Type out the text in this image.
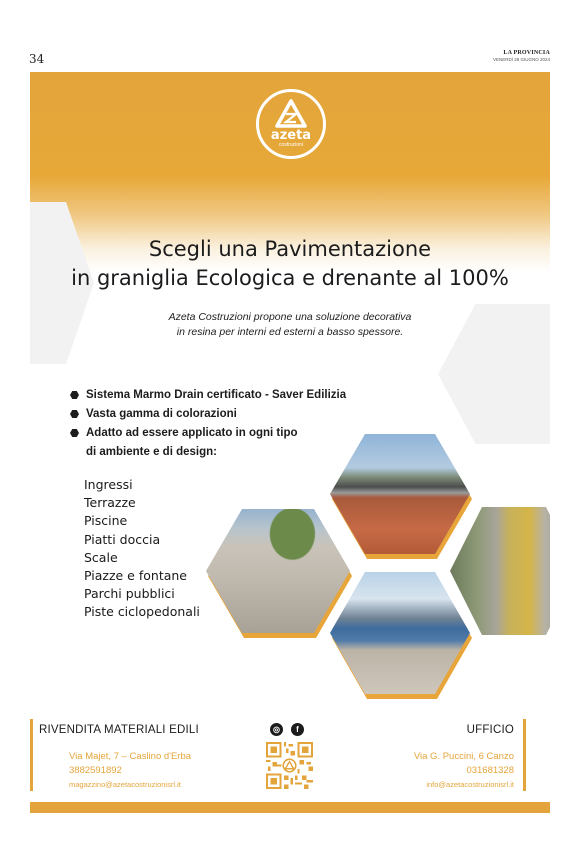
34	LA PROVINCIA
VENERDÌ 28 GIUGNO 2024
azeta
costruzioni
Scegli una Pavimentazione
in graniglia Ecologica e drenante al 100%
Azeta Costruzioni propone una soluzione decorativa
in resina per interni ed esterni a basso spessore.
Sistema Marmo Drain certificato - Saver Edilizia
Vasta gamma di colorazioni
Adatto ad essere applicato in ogni tipo
di ambiente e di design:
Ingressi
Terrazze
Piscine
Piatti doccia
Scale
Piazze e fontane
Parchi pubblici
Piste ciclopedonali
RIVENDITA MATERIALI EDILI
Via Majet, 7 – Caslino d'Erba
3882591892
magazzino@azetacostruzionisrl.it
◎	f	UFFICIO
Via G. Puccini, 6 Canzo
031681328
info@azetacostruzionisrl.it
